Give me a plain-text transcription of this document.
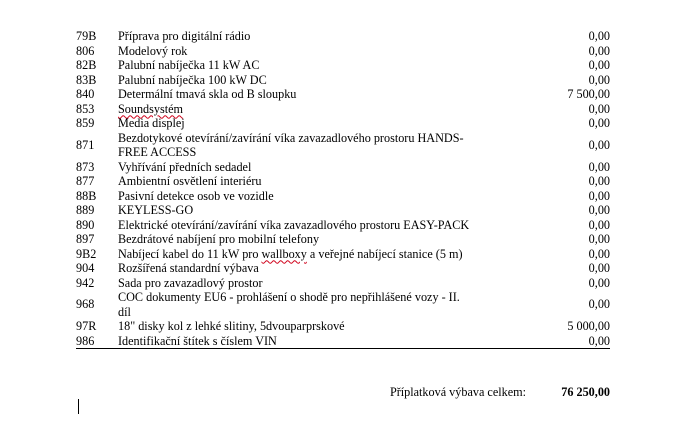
79B	Příprava pro digitální rádio	0,00
806	Modelový rok	0,00
82B	Palubní nabíječka 11 kW AC	0,00
83B	Palubní nabíječka 100 kW DC	0,00
840	Determální tmavá skla od B sloupku	7 500,00
853	Soundsystém	0,00
859	Media displej	0,00
871	Bezdotykové otevírání/zavírání víka zavazadlového prostoru HANDS-
FREE ACCESS	0,00
873	Vyhřívání předních sedadel	0,00
877	Ambientní osvětlení interiéru	0,00
88B	Pasivní detekce osob ve vozidle	0,00
889	KEYLESS-GO	0,00
890	Elektrické otevírání/zavírání víka zavazadlového prostoru EASY-PACK	0,00
897	Bezdrátové nabíjení pro mobilní telefony	0,00
9B2	Nabíjecí kabel do 11 kW pro wallboxy a veřejné nabíjecí stanice (5 m)	0,00
904	Rozšířená standardní výbava	0,00
942	Sada pro zavazadlový prostor	0,00
968	COC dokumenty EU6 - prohlášení o shodě pro nepřihlášené vozy - II.
díl	0,00
97R	18" disky kol z lehké slitiny, 5dvouparprskové	5 000,00
986	Identifikační štítek s číslem VIN	0,00
Příplatková výbava celkem:	76 250,00
